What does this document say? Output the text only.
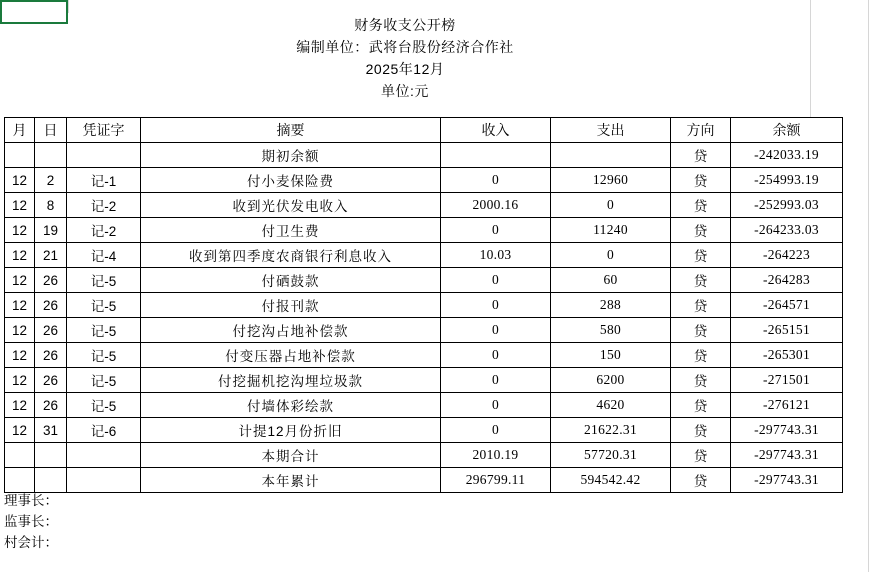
财务收支公开榜
编制单位：武将台股份经济合作社
2025年12月
单位:元
月	日	凭证字	摘要	收入	支出	方向	余额
			期初余额			贷	-242033.19
12	2	记-1	付小麦保险费	0	12960	贷	-254993.19
12	8	记-2	收到光伏发电收入	2000.16	0	贷	-252993.03
12	19	记-2	付卫生费	0	11240	贷	-264233.03
12	21	记-4	收到第四季度农商银行利息收入	10.03	0	贷	-264223
12	26	记-5	付硒鼓款	0	60	贷	-264283
12	26	记-5	付报刊款	0	288	贷	-264571
12	26	记-5	付挖沟占地补偿款	0	580	贷	-265151
12	26	记-5	付变压器占地补偿款	0	150	贷	-265301
12	26	记-5	付挖掘机挖沟埋垃圾款	0	6200	贷	-271501
12	26	记-5	付墙体彩绘款	0	4620	贷	-276121
12	31	记-6	计提12月份折旧	0	21622.31	贷	-297743.31
			本期合计	2010.19	57720.31	贷	-297743.31
			本年累计	296799.11	594542.42	贷	-297743.31
理事长：
监事长：
村会计：
